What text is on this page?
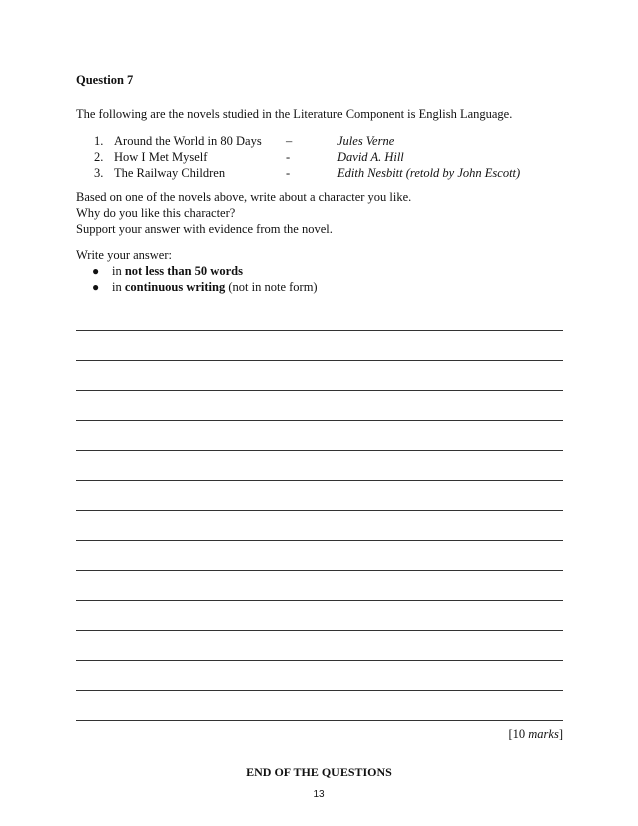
Question 7
The following are the novels studied in the Literature Component is English Language.
1. Around the World in 80 Days –	Jules Verne
2. How I Met Myself	-	David A. Hill
3. The Railway Children	-	Edith Nesbitt (retold by John Escott)
Based on one of the novels above, write about a character you like.
Why do you like this character?
Support your answer with evidence from the novel.
Write your answer:
● in not less than 50 words
● in continuous writing (not in note form)
[10 marks]
END OF THE QUESTIONS
13
